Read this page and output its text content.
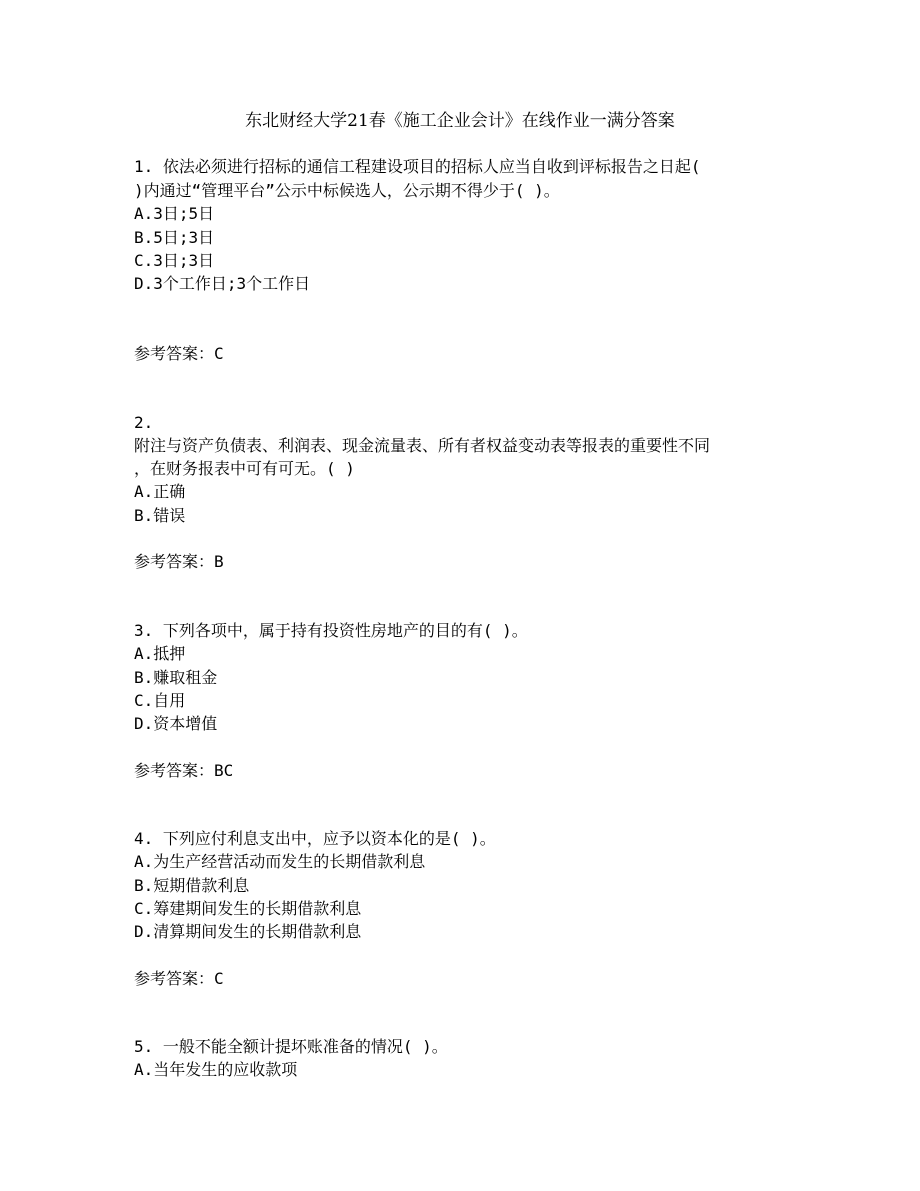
东北财经大学21春《施工企业会计》在线作业一满分答案
1. 依法必须进行招标的通信工程建设项目的招标人应当自收到评标报告之日起(
)内通过“管理平台”公示中标候选人，公示期不得少于( )。
A.3日;5日
B.5日;3日
C.3日;3日
D.3个工作日;3个工作日
参考答案：C
2.
附注与资产负债表、利润表、现金流量表、所有者权益变动表等报表的重要性不同
，在财务报表中可有可无。( )
A.正确
B.错误
参考答案：B
3. 下列各项中，属于持有投资性房地产的目的有( )。
A.抵押
B.赚取租金
C.自用
D.资本增值
参考答案：BC
4. 下列应付利息支出中，应予以资本化的是( )。
A.为生产经营活动而发生的长期借款利息
B.短期借款利息
C.筹建期间发生的长期借款利息
D.清算期间发生的长期借款利息
参考答案：C
5. 一般不能全额计提坏账准备的情况( )。
A.当年发生的应收款项
